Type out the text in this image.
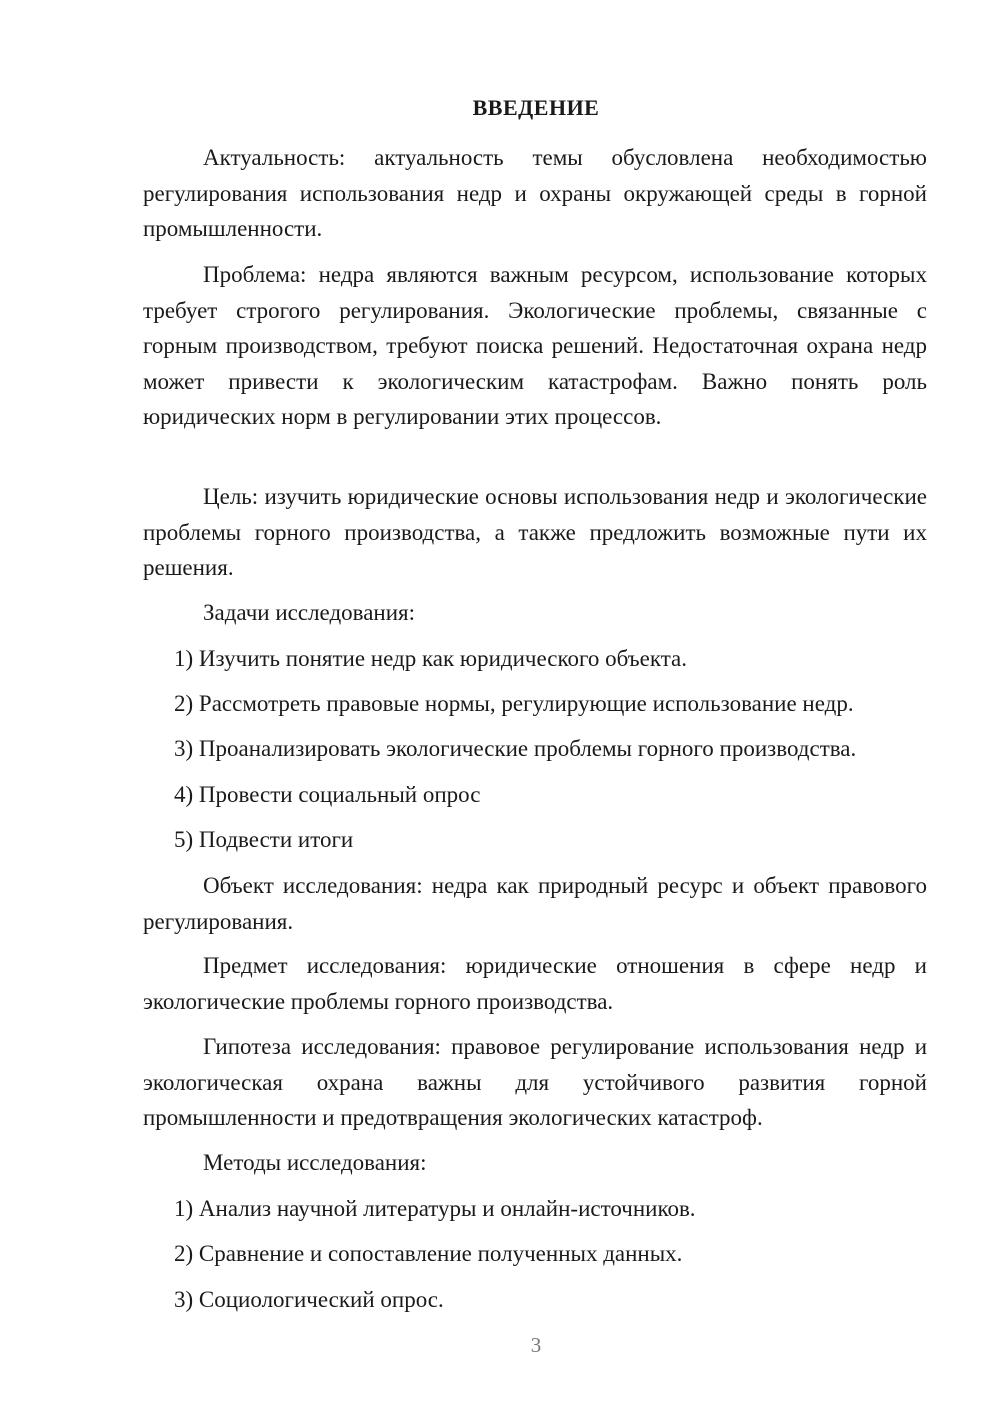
ВВЕДЕНИЕ

Актуальность: актуальность темы обусловлена необходимостью регулирования использования недр и охраны окружающей среды в горной промышленности.

Проблема: недра являются важным ресурсом, использование которых требует строгого регулирования. Экологические проблемы, связанные с горным производством, требуют поиска решений. Недостаточная охрана недр может привести к экологическим катастрофам. Важно понять роль юридических норм в регулировании этих процессов.

Цель: изучить юридические основы использования недр и экологические проблемы горного производства, а также предложить возможные пути их решения.

Задачи исследования:

1) Изучить понятие недр как юридического объекта.

2) Рассмотреть правовые нормы, регулирующие использование недр.

3) Проанализировать экологические проблемы горного производства.

4) Провести социальный опрос

5) Подвести итоги

Объект исследования: недра как природный ресурс и объект правового регулирования.

Предмет исследования: юридические отношения в сфере недр и экологические проблемы горного производства.

Гипотеза исследования: правовое регулирование использования недр и экологическая охрана важны для устойчивого развития горной промышленности и предотвращения экологических катастроф.

Методы исследования:

1) Анализ научной литературы и онлайн-источников.

2) Сравнение и сопоставление полученных данных.

3) Социологический опрос.

3
